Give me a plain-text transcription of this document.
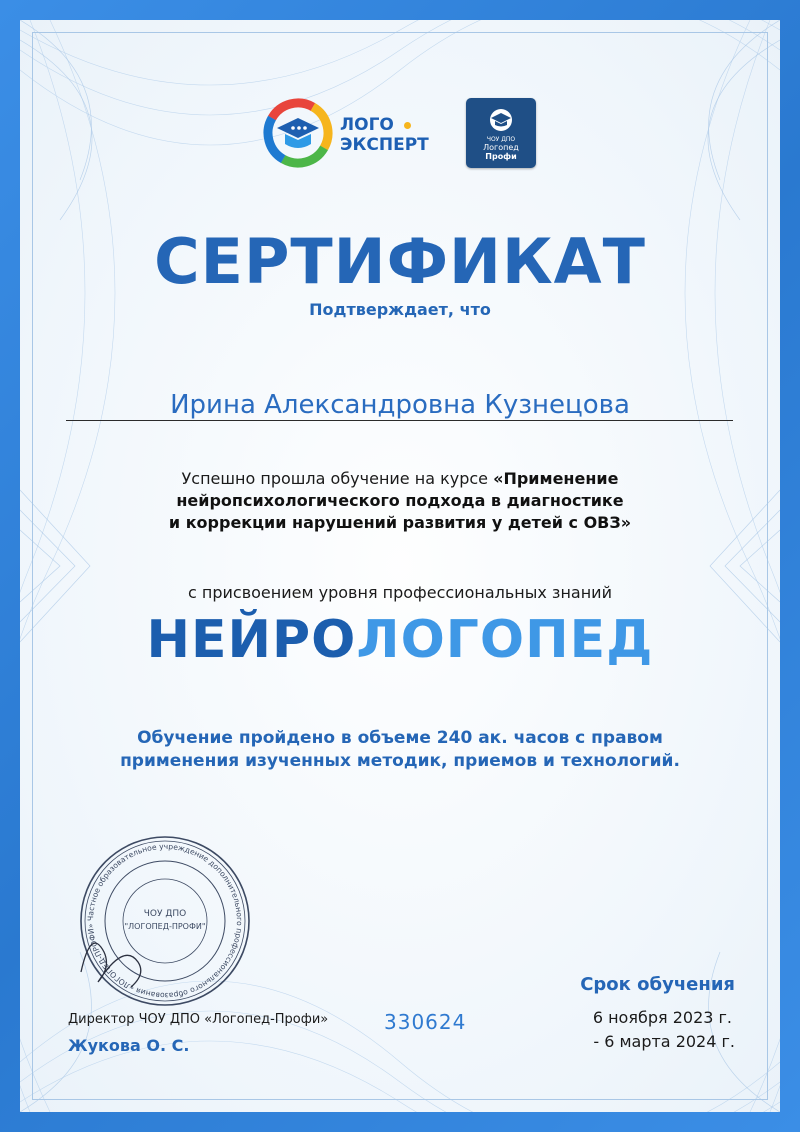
ЛОГО
ЭКСПЕРТ	ЧОУ ДПО
Логопед
Профи
СЕРТИФИКАТ
Подтверждает, что
Ирина Александровна Кузнецова
Успешно прошла обучение на курсе «Применение
нейропсихологического подхода в диагностике
и коррекции нарушений развития у детей с ОВЗ»
с присвоением уровня профессиональных знаний
НЕЙРОЛОГОПЕД
Обучение пройдено в объеме 240 ак. часов с правом
применения изученных методик, приемов и технологий.
Частное образовательное учреждение дополнительного профессионального образования «ЛОГОПЕД-ПРОФИ»
ЧОУ ДПО
"ЛОГОПЕД-ПРОФИ"
Директор ЧОУ ДПО «Логопед-Профи»
Жукова О. С.
330624
Срок обучения
6 ноября 2023 г.
- 6 марта 2024 г.
